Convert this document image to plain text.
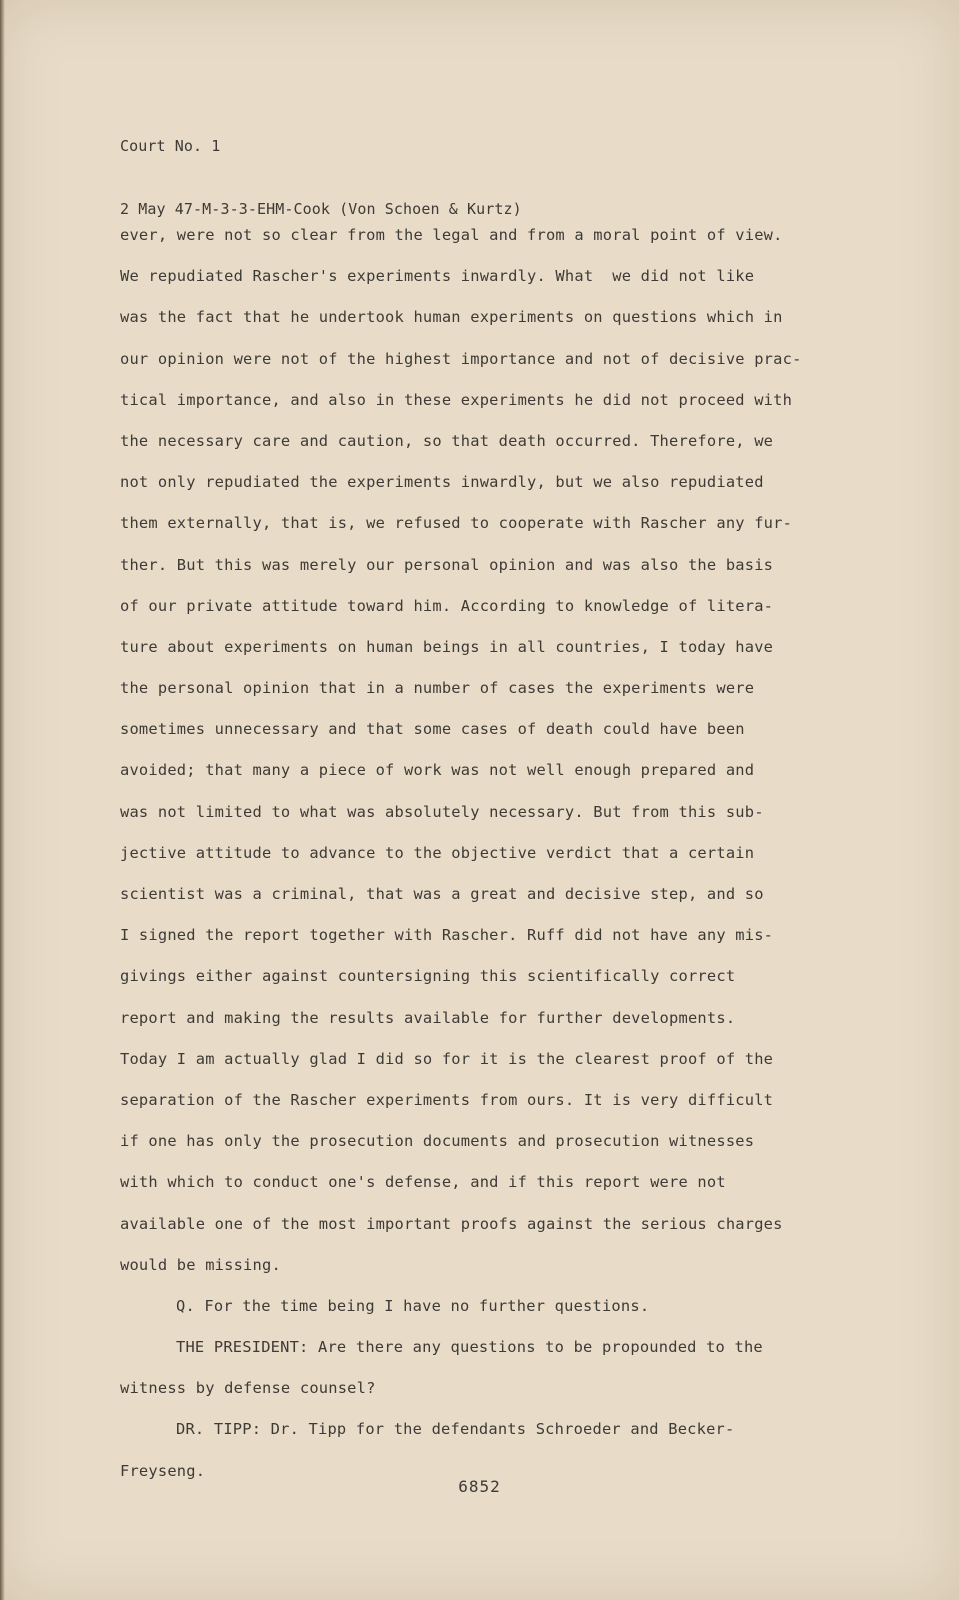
Court No. 1

2 May 47-M-3-3-EHM-Cook (Von Schoen & Kurtz)

ever, were not so clear from the legal and from a moral point of view.
We repudiated Rascher's experiments inwardly. What  we did not like
was the fact that he undertook human experiments on questions which in
our opinion were not of the highest importance and not of decisive prac-
tical importance, and also in these experiments he did not proceed with
the necessary care and caution, so that death occurred. Therefore, we
not only repudiated the experiments inwardly, but we also repudiated
them externally, that is, we refused to cooperate with Rascher any fur-
ther. But this was merely our personal opinion and was also the basis
of our private attitude toward him. According to knowledge of litera-
ture about experiments on human beings in all countries, I today have
the personal opinion that in a number of cases the experiments were
sometimes unnecessary and that some cases of death could have been
avoided; that many a piece of work was not well enough prepared and
was not limited to what was absolutely necessary. But from this sub-
jective attitude to advance to the objective verdict that a certain
scientist was a criminal, that was a great and decisive step, and so
I signed the report together with Rascher. Ruff did not have any mis-
givings either against countersigning this scientifically correct
report and making the results available for further developments.
Today I am actually glad I did so for it is the clearest proof of the
separation of the Rascher experiments from ours. It is very difficult
if one has only the prosecution documents and prosecution witnesses
with which to conduct one's defense, and if this report were not
available one of the most important proofs against the serious charges
would be missing.
Q. For the time being I have no further questions.
THE PRESIDENT: Are there any questions to be propounded to the
witness by defense counsel?
DR. TIPP: Dr. Tipp for the defendants Schroeder and Becker-
Freyseng.
6852
